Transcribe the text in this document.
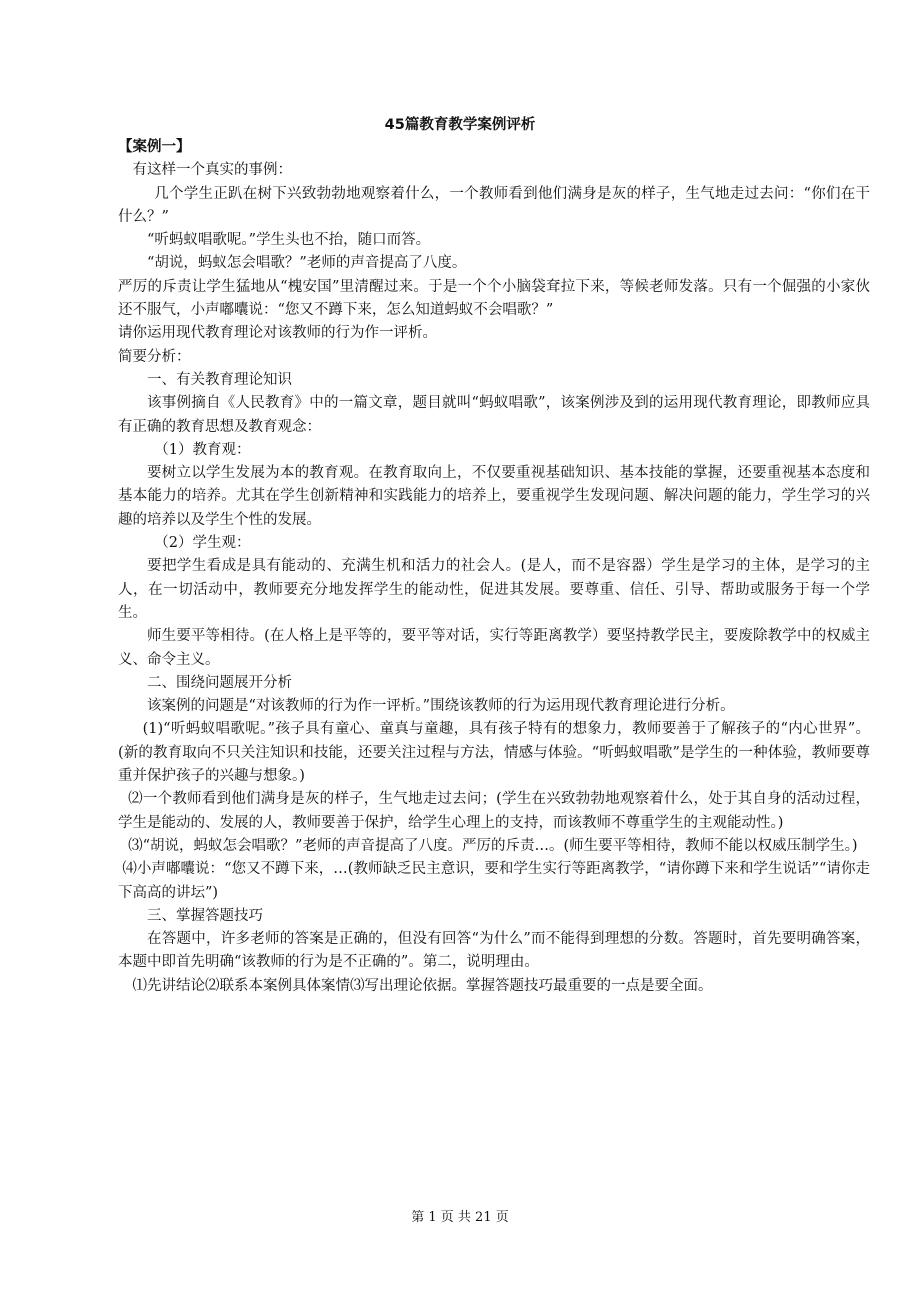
45篇教育教学案例评析

【案例一】

有这样一个真实的事例：

几个学生正趴在树下兴致勃勃地观察着什么，一个教师看到他们满身是灰的样子，生气地走过去问：“你们在干什么？”

“听蚂蚁唱歌呢。”学生头也不抬，随口而答。

“胡说，蚂蚁怎会唱歌？”老师的声音提高了八度。

严厉的斥责让学生猛地从“槐安国”里清醒过来。于是一个个小脑袋耷拉下来，等候老师发落。只有一个倔强的小家伙还不服气，小声嘟囔说：“您又不蹲下来，怎么知道蚂蚁不会唱歌？”

请你运用现代教育理论对该教师的行为作一评析。

简要分析：

一、有关教育理论知识

该事例摘自《人民教育》中的一篇文章，题目就叫“蚂蚁唱歌”，该案例涉及到的运用现代教育理论，即教师应具有正确的教育思想及教育观念：

（1）教育观：

要树立以学生发展为本的教育观。在教育取向上，不仅要重视基础知识、基本技能的掌握，还要重视基本态度和基本能力的培养。尤其在学生创新精神和实践能力的培养上，要重视学生发现问题、解决问题的能力，学生学习的兴趣的培养以及学生个性的发展。

（2）学生观：

要把学生看成是具有能动的、充满生机和活力的社会人。(是人，而不是容器）学生是学习的主体，是学习的主人，在一切活动中，教师要充分地发挥学生的能动性，促进其发展。要尊重、信任、引导、帮助或服务于每一个学生。

师生要平等相待。(在人格上是平等的，要平等对话，实行等距离教学）要坚持教学民主，要废除教学中的权威主义、命令主义。

二、围绕问题展开分析

该案例的问题是“对该教师的行为作一评析。”围绕该教师的行为运用现代教育理论进行分析。

(1)“听蚂蚁唱歌呢。”孩子具有童心、童真与童趣，具有孩子特有的想象力，教师要善于了解孩子的“内心世界”。(新的教育取向不只关注知识和技能，还要关注过程与方法，情感与体验。“听蚂蚁唱歌”是学生的一种体验，教师要尊重并保护孩子的兴趣与想象。)

⑵一个教师看到他们满身是灰的样子，生气地走过去问；(学生在兴致勃勃地观察着什么，处于其自身的活动过程，学生是能动的、发展的人，教师要善于保护，给学生心理上的支持，而该教师不尊重学生的主观能动性。)

⑶“胡说，蚂蚁怎会唱歌？”老师的声音提高了八度。严厉的斥责…。(师生要平等相待，教师不能以权威压制学生。)

⑷小声嘟囔说：“您又不蹲下来，…(教师缺乏民主意识，要和学生实行等距离教学，“请你蹲下来和学生说话”“请你走下高高的讲坛”)

三、掌握答题技巧

在答题中，许多老师的答案是正确的，但没有回答“为什么”而不能得到理想的分数。答题时，首先要明确答案，本题中即首先明确“该教师的行为是不正确的”。第二，说明理由。

⑴先讲结论⑵联系本案例具体案情⑶写出理论依据。掌握答题技巧最重要的一点是要全面。

第 1 页 共 21 页
